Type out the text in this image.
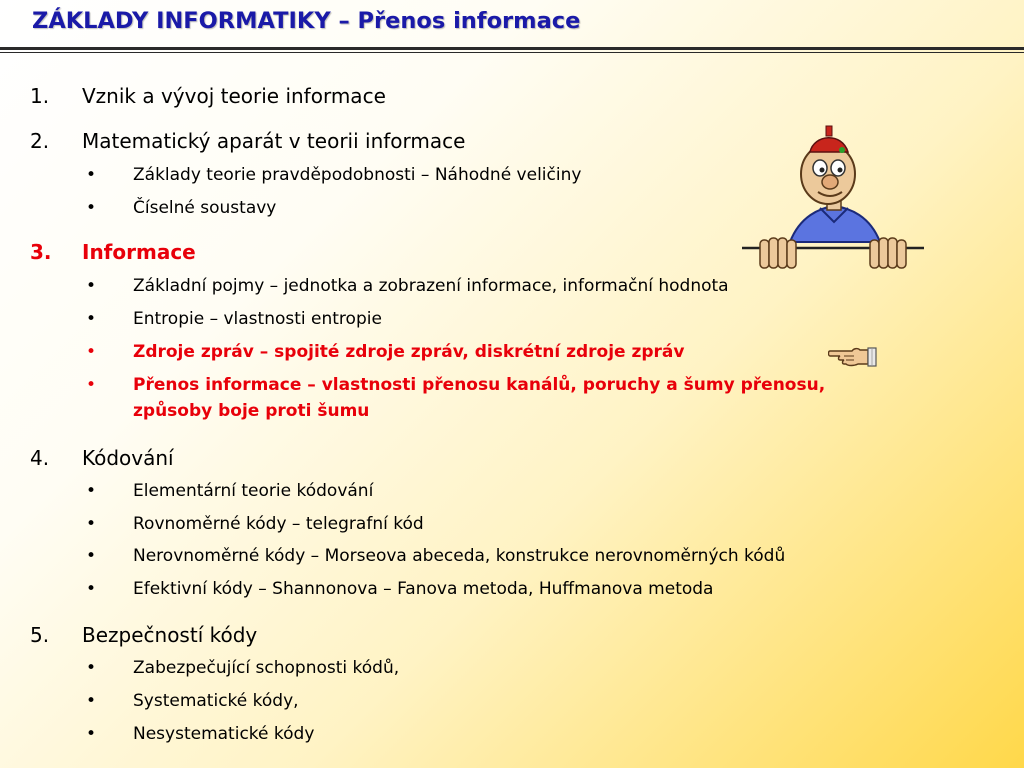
ZÁKLADY INFORMATIKY – Přenos informace
1. Vznik a vývoj teorie informace
2. Matematický aparát v teorii informace
• Základy teorie pravděpodobnosti – Náhodné veličiny
• Číselné soustavy
3. Informace
• Základní pojmy – jednotka a zobrazení informace, informační hodnota
• Entropie – vlastnosti entropie
• Zdroje zpráv – spojité zdroje zpráv, diskrétní zdroje zpráv
• Přenos informace – vlastnosti přenosu kanálů, poruchy a šumy přenosu,
způsoby boje proti šumu
4. Kódování
• Elementární teorie kódování
• Rovnoměrné kódy – telegrafní kód
• Nerovnoměrné kódy – Morseova abeceda, konstrukce nerovnoměrných kódů
• Efektivní kódy – Shannonova – Fanova metoda, Huffmanova metoda
5. Bezpečností kódy
• Zabezpečující schopnosti kódů,
• Systematické kódy,
• Nesystematické kódy
